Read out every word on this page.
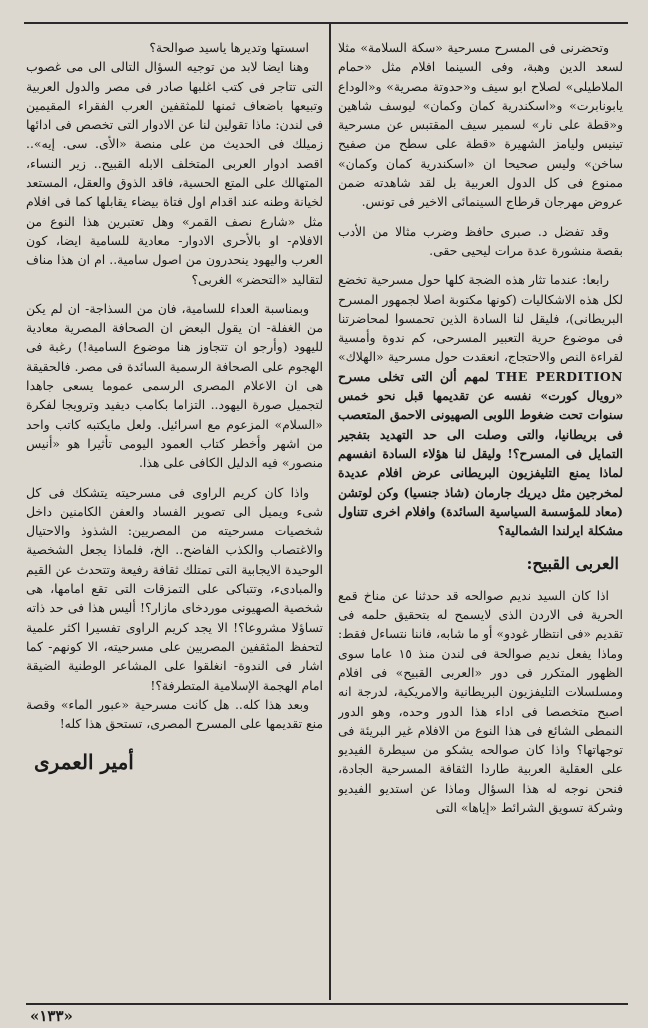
وتحضرنى فى المسرح مسرحية «سكة السلامة» مثلا لسعد الدين وهبة، وفى السينما افلام مثل «حمام الملاطيلى» لصلاح ابو سيف و«حدوتة مصرية» و«الوداع يابونابرت» و«اسكندرية كمان وكمان» ليوسف شاهين و«قطة على نار» لسمير سيف المقتبس عن مسرحية تينيس وليامز الشهيرة «قطة على سطح من صفيح ساخن» وليس صحيحا ان «اسكندرية كمان وكمان» ممنوع فى كل الدول العربية بل لقد شاهدته ضمن عروض مهرجان قرطاج السينمائى الاخير فى تونس.

وقد تفضل د. صبرى حافظ وضرب مثالا من الأدب بقصة منشورة عدة مرات ليحيى حقى.

رابعا: عندما تثار هذه الضجة كلها حول مسرحية تخضع لكل هذه الاشكاليات (كونها مكتوبة اصلا لجمهور المسرح البريطانى)، فليقل لنا السادة الذين تحمسوا لمحاضرتنا فى موضوع حرية التعبير المسرحى، كم ندوة وأمسية لقراءة النص والاحتجاج، انعقدت حول مسرحية «الهلاك» THE PERDITION لمهم ألن التى تخلى مسرح «رويال كورت» نفسه عن تقديمها قبل نحو خمس سنوات تحت ضغوط اللوبى الصهيونى الاحمق المتعصب فى بريطانيا، والتى وصلت الى حد التهديد بتفجير التمايل فى المسرح؟! وليقل لنا هؤلاء السادة انفسهم لماذا يمنع التليفزيون البريطانى عرض افلام عديدة لمخرجين مثل ديريك جارمان (شاذ جنسيا) وكن لوتشن (معاد للمؤسسة السياسية السائدة) وافلام اخرى تتناول مشكلة ايرلندا الشمالية؟

العربى القبيح:

اذا كان السيد نديم صوالحه قد حدثنا عن مناخ قمع الحرية فى الاردن الذى لايسمح له بتحقيق حلمه فى تقديم «فى انتظار غودو» أو ما شابه، فاننا نتساءل فقط: وماذا يفعل نديم صوالحة فى لندن منذ ١٥ عاما سوى الظهور المتكرر فى دور «العربى القبيح» فى افلام ومسلسلات التليفزيون البريطانية والامريكية، لدرجة انه اصبح متخصصا فى اداء هذا الدور وحده، وهو الدور النمطى الشائع فى هذا النوع من الافلام غير البريئة فى توجهاتها؟ واذا كان صوالحه يشكو من سيطرة الفيديو على العقلية العربية طاردا الثقافة المسرحية الجادة، فنحن نوجه له هذا السؤال وماذا عن استديو الفيديو وشركة تسويق الشرائط «إياها» التى

اسستها وتديرها ياسيد صوالحة؟

وهنا ايضا لابد من توجيه السؤال التالى الى مى غصوب التى تتاجر فى كتب اغلبها صادر فى مصر والدول العربية وتبيعها باضعاف ثمنها للمثقفين العرب الفقراء المقيمين فى لندن: ماذا تقولين لنا عن الادوار التى تخصص فى ادائها زميلك فى الحديث من على منصة «الأى. سى. إيه».. اقصد ادوار العربى المتخلف الابله القبيح.. زير النساء، المتهالك على المتع الحسية، فاقد الذوق والعقل، المستعد لخيانة وطنه عند اقدام اول فتاة بيضاء يقابلها كما فى افلام مثل «شارع نصف القمر» وهل تعتبرين هذا النوع من الافلام- او بالأحرى الادوار- معادية للسامية ايضا، كون العرب واليهود ينحدرون من اصول سامية.. ام ان هذا مناف لتقاليد «التحضر» الغربى؟

وبمناسبة العداء للسامية، فان من السذاجة- ان لم يكن من الغفلة- ان يقول البعض ان الصحافة المصرية معادية لليهود (وأرجو ان تتجاوز هنا موضوع السامية!) رغبة فى الهجوم على الصحافة الرسمية السائدة فى مصر. فالحقيقة هى ان الاعلام المصرى الرسمى عموما يسعى جاهدا لتجميل صورة اليهود.. التزاما بكامب ديفيد وترويجا لفكرة «السلام» المزعوم مع اسرائيل. ولعل مايكتبه كاتب واحد من اشهر وأخطر كتاب العمود اليومى تأثيرا هو «أنيس منصور» فيه الدليل الكافى على هذا.

واذا كان كريم الراوى فى مسرحيته يتشكك فى كل شىء ويميل الى تصوير الفساد والعفن الكامنين داخل شخصيات مسرحيته من المصريين: الشذوذ والاحتيال والاغتصاب والكذب الفاضح.. الخ، فلماذا يجعل الشخصية الوحيدة الايجابية التى تمتلك ثقافة رفيعة وتتحدث عن القيم والمبادىء، وتتباكى على التمزقات التى تقع امامها، هى شخصية الصهيونى موردخاى مازار؟! أليس هذا فى حد ذاته تساؤلا مشروعا؟! الا يجد كريم الراوى تفسيرا اكثر علمية لتحفظ المثقفين المصريين على مسرحيته، الا كونهم- كما اشار فى الندوة- انغلقوا على المشاعر الوطنية الضيقة امام الهجمة الإسلامية المتطرفة؟!

وبعد هذا كله.. هل كانت مسرحية «عبور الماء» وقصة منع تقديمها على المسرح المصرى، تستحق هذا كله!

أمير العمرى
«١٣٣»
